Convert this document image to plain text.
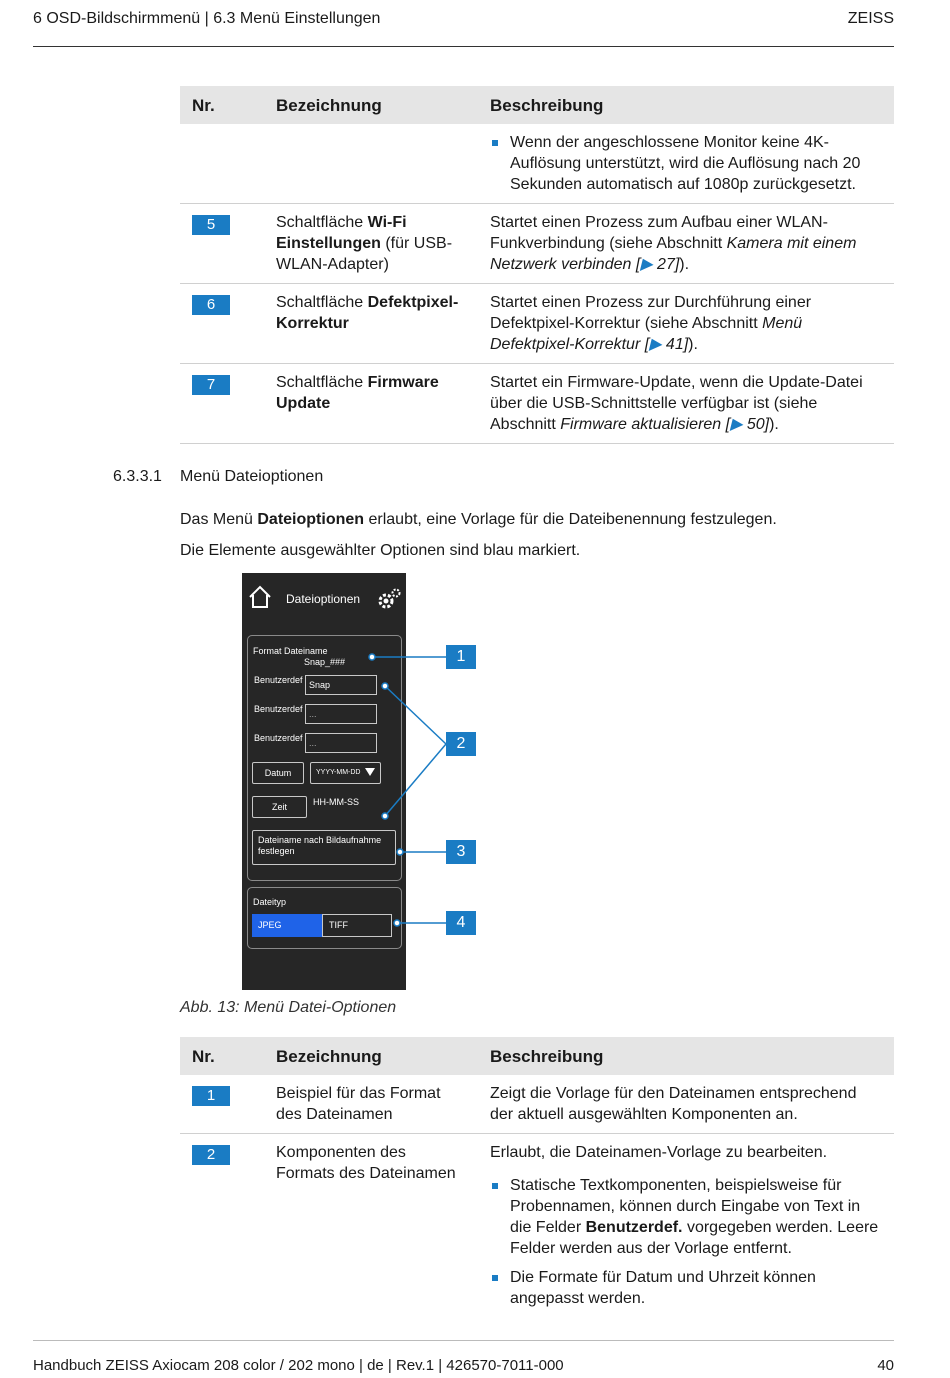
6 OSD-Bildschirmmenü | 6.3 Menü Einstellungen	ZEISS
Nr.	Bezeichnung	Beschreibung

		Wenn der angeschlossene Monitor keine 4K-Auflösung unterstützt, wird die Auflösung nach 20 Sekunden automatisch auf 1080p zurückgesetzt.

5	Schaltfläche Wi-Fi Einstellungen (für USB-WLAN-Adapter)	Startet einen Prozess zum Aufbau einer WLAN-Funkverbindung (siehe Abschnitt Kamera mit einem Netzwerk verbinden [▶ 27]).
6	Schaltfläche Defektpixel-Korrektur	Startet einen Prozess zur Durchführung einer Defektpixel-Korrektur (siehe Abschnitt Menü Defektpixel-Korrektur [▶ 41]).
7	Schaltfläche Firmware Update	Startet ein Firmware-Update, wenn die Update-Datei über die USB-Schnittstelle verfügbar ist (siehe Abschnitt Firmware aktualisieren [▶ 50]).
6.3.3.1 Menü Dateioptionen
Das Menü Dateioptionen erlaubt, eine Vorlage für die Dateibenennung festzulegen.
Die Elemente ausgewählter Optionen sind blau markiert.
Dateioptionen
Format Dateiname
Snap_###
Benutzerdef Snap
Benutzerdef ...
Benutzerdef ...
Datum	YYYY-MM-DD
Zeit	HH-MM-SS
Dateiname nach Bildaufnahme festlegen
Dateityp
JPEG	TIFF
1
2
3
4
Abb. 13: Menü Datei-Optionen
Nr.	Bezeichnung	Beschreibung
1	Beispiel für das Format des Dateinamen	Zeigt die Vorlage für den Dateinamen entsprechend der aktuell ausgewählten Komponenten an.
2	Komponenten des Formats des Dateinamen	Erlaubt, die Dateinamen-Vorlage zu bearbeiten.
Statische Textkomponenten, beispielsweise für Probennamen, können durch Eingabe von Text in die Felder Benutzerdef. vorgegeben werden. Leere Felder werden aus der Vorlage entfernt.
Die Formate für Datum und Uhrzeit können angepasst werden.
Handbuch ZEISS Axiocam 208 color / 202 mono | de | Rev.1 | 426570-7011-000	40
